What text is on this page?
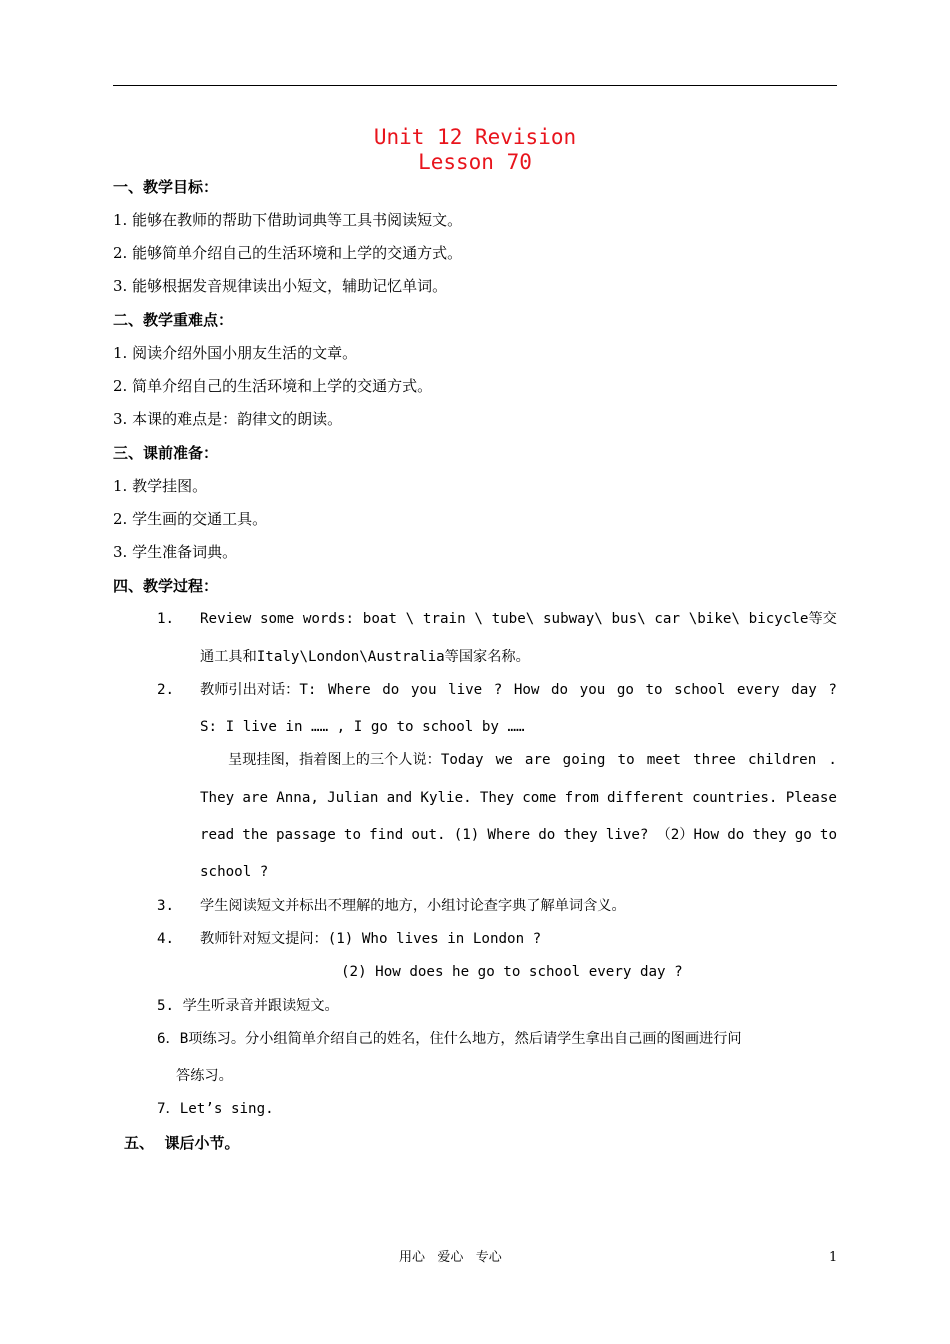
Unit 12 Revision
Lesson 70
一、教学目标：
1. 能够在教师的帮助下借助词典等工具书阅读短文。
2. 能够简单介绍自己的生活环境和上学的交通方式。
3. 能够根据发音规律读出小短文，辅助记忆单词。
二、教学重难点：
1. 阅读介绍外国小朋友生活的文章。
2. 简单介绍自己的生活环境和上学的交通方式。
3. 本课的难点是：韵律文的朗读。
三、课前准备：
1. 教学挂图。
2. 学生画的交通工具。
3. 学生准备词典。
四、教学过程：
1. Review some words: boat \ train \ tube\ subway\ bus\ car \bike\ bicycle等交
通工具和Italy\London\Australia等国家名称。
2. 教师引出对话：T: Where do you live ? How do you go to school every day ?
S: I live in …… , I go to school by ……
呈现挂图，指着图上的三个人说：Today we are going to meet three children .
They are Anna, Julian and Kylie. They come from different countries. Please
read the passage to find out. (1) Where do they live? （2）How do they go to
school ?
3. 学生阅读短文并标出不理解的地方，小组讨论查字典了解单词含义。
4. 教师针对短文提问：(1) Who lives in London ?
(2) How does he go to school every day ?
5. 学生听录音并跟读短文。
6．B项练习。分小组简单介绍自己的姓名，住什么地方，然后请学生拿出自己画的图画进行问
答练习。
7．Let’s sing.
五、  课后小节。
用心   爱心   专心	1
